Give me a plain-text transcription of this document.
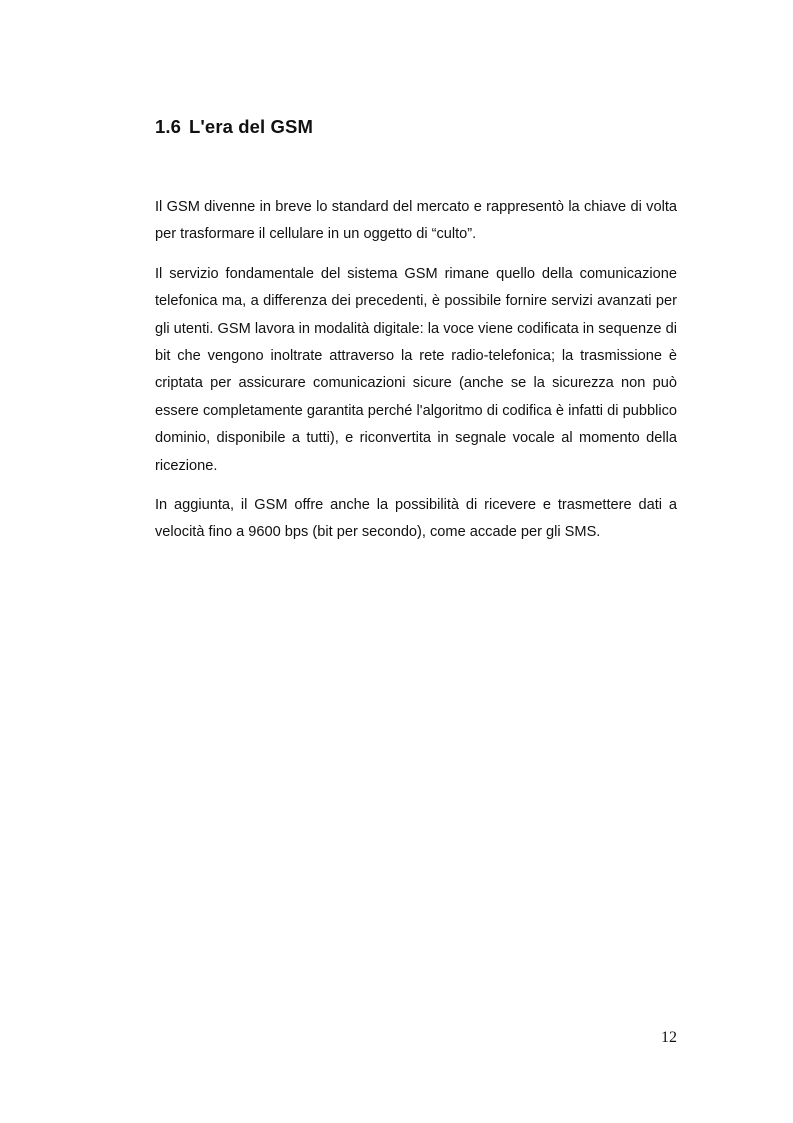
1.6 L'era del GSM

Il GSM divenne in breve lo standard del mercato e rappresentò la chiave di volta per trasformare il cellulare in un oggetto di “culto”.

Il servizio fondamentale del sistema GSM rimane quello della comunicazione telefonica ma, a differenza dei precedenti, è possibile fornire servizi avanzati per gli utenti. GSM lavora in modalità digitale: la voce viene codificata in sequenze di bit che vengono inoltrate attraverso la rete radio-telefonica; la trasmissione è criptata per assicurare comunicazioni sicure (anche se la sicurezza non può essere completamente garantita perché l'algoritmo di codifica è infatti di pubblico dominio, disponibile a tutti), e riconvertita in segnale vocale al momento della ricezione.

In aggiunta, il GSM offre anche la possibilità di ricevere e trasmettere dati a velocità fino a 9600 bps (bit per secondo), come accade per gli SMS.

12
